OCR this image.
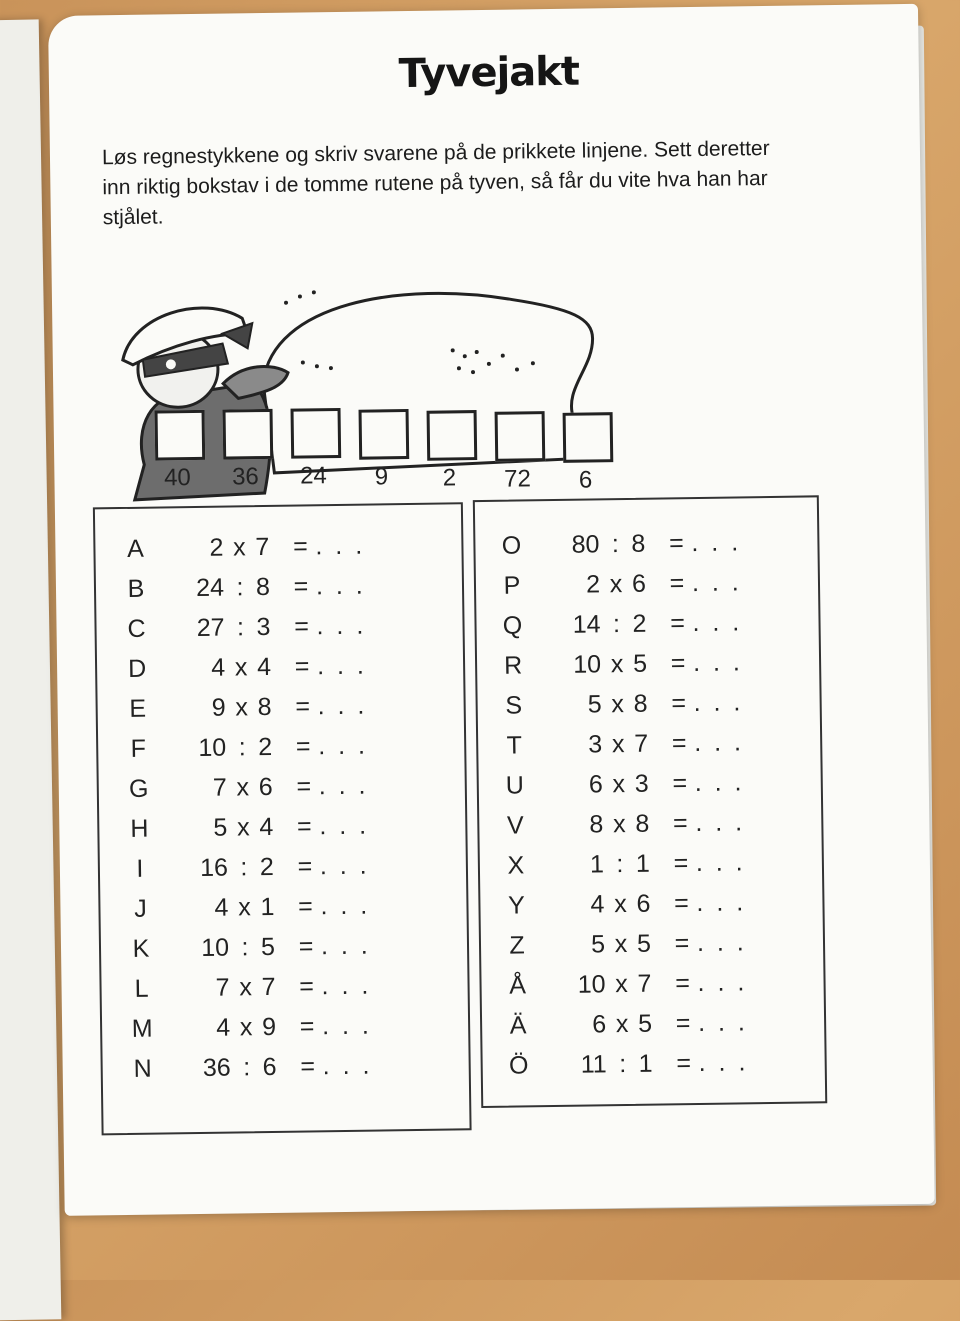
Tyvejakt
Løs regnestykkene og skriv svarene på de prikkete linjene. Sett deretter inn riktig bokstav i de tomme rutene på tyven, så får du vite hva han har stjålet.
40	36	24	9	2	72	6
A	2 x 7 = . . .
B	24 : 8 = . . .
C	27 : 3 = . . .
D	4 x 4 = . . .
E	9 x 8 = . . .
F	10 : 2 = . . .
G	7 x 6 = . . .
H	5 x 4 = . . .
I	16 : 2 = . . .
J	4 x 1 = . . .
K	10 : 5 = . . .
L	7 x 7 = . . .
M	4 x 9 = . . .
N	36 : 6 = . . .
O	80 : 8 = . . .
P	2 x 6 = . . .
Q	14 : 2 = . . .
R	10 x 5 = . . .
S	5 x 8 = . . .
T	3 x 7 = . . .
U	6 x 3 = . . .
V	8 x 8 = . . .
X	1 : 1 = . . .
Y	4 x 6 = . . .
Z	5 x 5 = . . .
Å	10 x 7 = . . .
Ä	6 x 5 = . . .
Ö	11 : 1 = . . .
